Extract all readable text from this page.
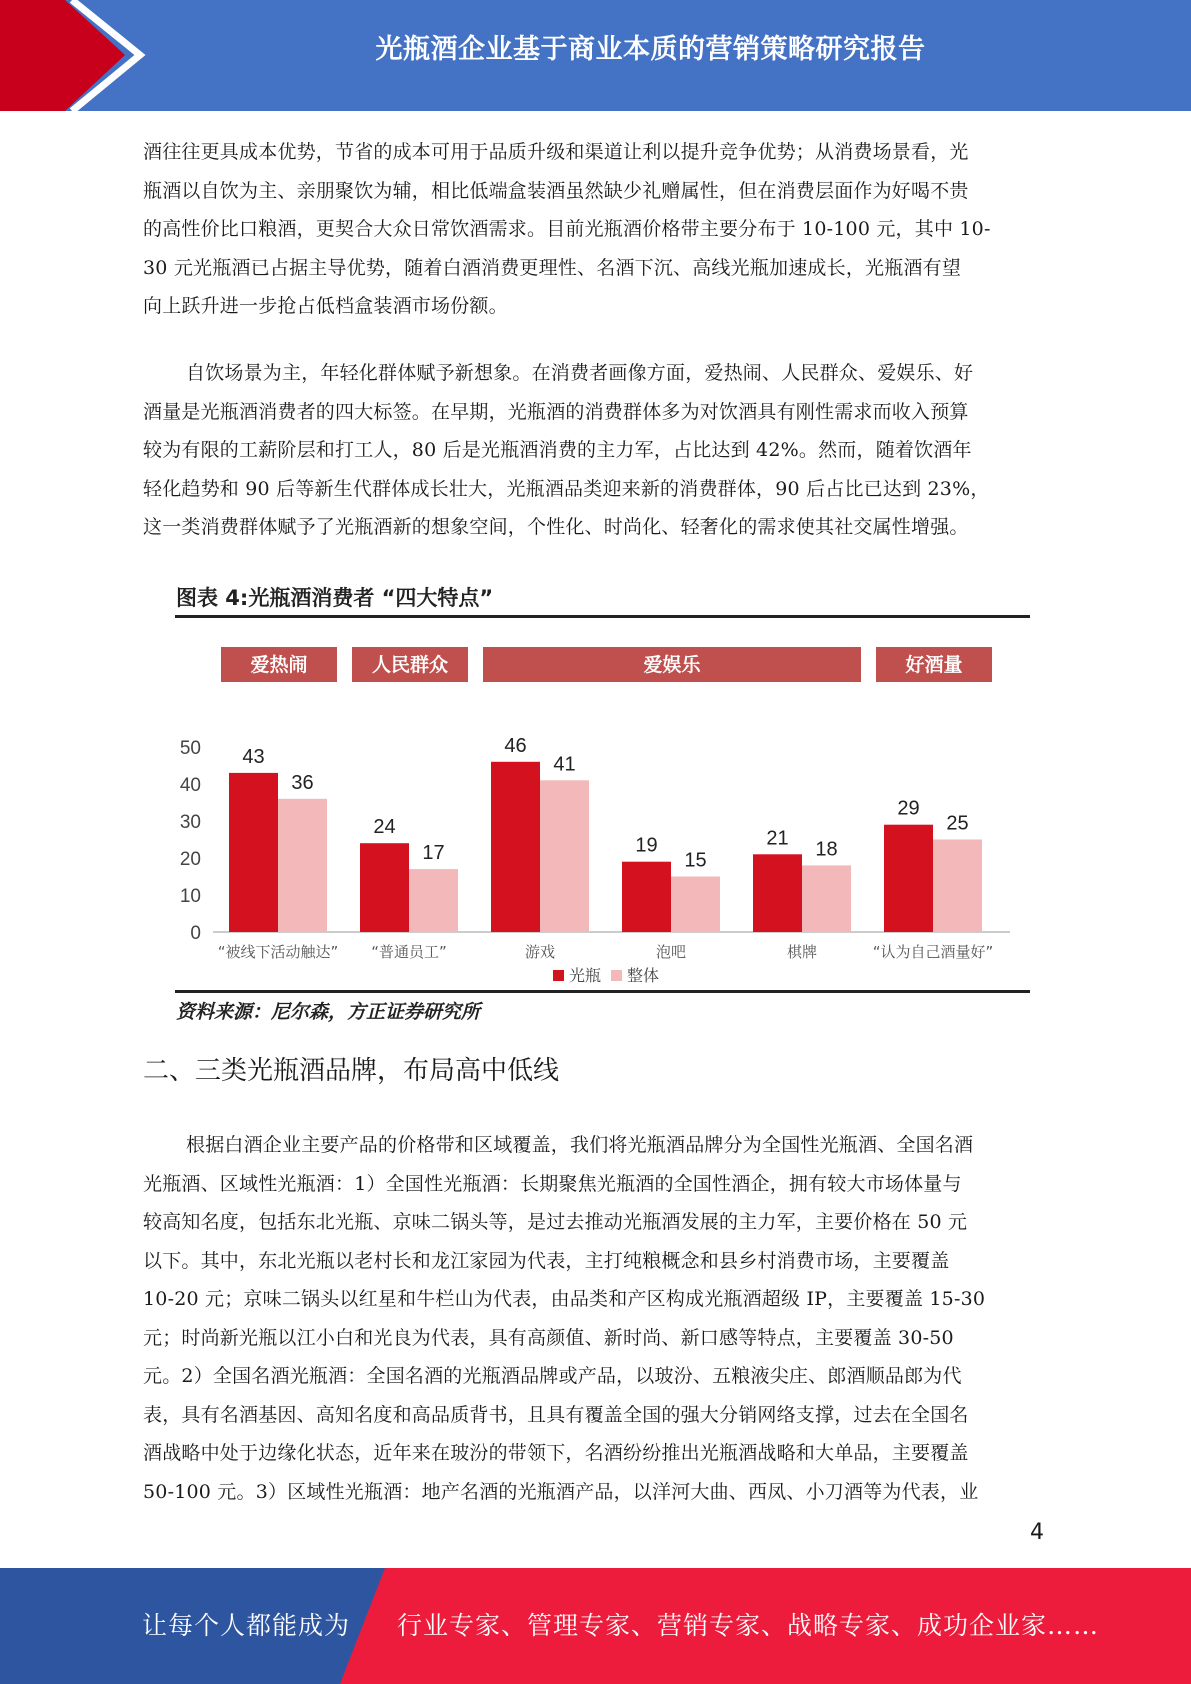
光瓶酒企业基于商业本质的营销策略研究报告

酒往往更具成本优势，节省的成本可用于品质升级和渠道让利以提升竞争优势；从消费场景看，光
瓶酒以自饮为主、亲朋聚饮为辅，相比低端盒装酒虽然缺少礼赠属性，但在消费层面作为好喝不贵
的高性价比口粮酒，更契合大众日常饮酒需求。目前光瓶酒价格带主要分布于 10-100 元，其中 10-
30 元光瓶酒已占据主导优势，随着白酒消费更理性、名酒下沉、高线光瓶加速成长，光瓶酒有望
向上跃升进一步抢占低档盒装酒市场份额。

自饮场景为主，年轻化群体赋予新想象。在消费者画像方面，爱热闹、人民群众、爱娱乐、好
酒量是光瓶酒消费者的四大标签。在早期，光瓶酒的消费群体多为对饮酒具有刚性需求而收入预算
较为有限的工薪阶层和打工人，80 后是光瓶酒消费的主力军，占比达到 42%。然而，随着饮酒年
轻化趋势和 90 后等新生代群体成长壮大，光瓶酒品类迎来新的消费群体，90 后占比已达到 23%，
这一类消费群体赋予了光瓶酒新的想象空间，个性化、时尚化、轻奢化的需求使其社交属性增强。

图表 4:光瓶酒消费者 “四大特点”
0
10
20
30
40
50 43
36
“被线下活动触达”
24
17
“普通员工”
46
41
游戏
19
15
泡吧
21
18
棋牌
29
25
“认为自己酒量好”
爱热闹	人民群众	爱娱乐	好酒量
光瓶 整体
资料来源：尼尔森，方正证券研究所
二、三类光瓶酒品牌，布局高中低线

根据白酒企业主要产品的价格带和区域覆盖，我们将光瓶酒品牌分为全国性光瓶酒、全国名酒
光瓶酒、区域性光瓶酒：1）全国性光瓶酒：长期聚焦光瓶酒的全国性酒企，拥有较大市场体量与
较高知名度，包括东北光瓶、京味二锅头等，是过去推动光瓶酒发展的主力军，主要价格在 50 元
以下。其中，东北光瓶以老村长和龙江家园为代表，主打纯粮概念和县乡村消费市场，主要覆盖
10-20 元；京味二锅头以红星和牛栏山为代表，由品类和产区构成光瓶酒超级 IP，主要覆盖 15-30
元；时尚新光瓶以江小白和光良为代表，具有高颜值、新时尚、新口感等特点，主要覆盖 30-50
元。2）全国名酒光瓶酒：全国名酒的光瓶酒品牌或产品，以玻汾、五粮液尖庄、郎酒顺品郎为代
表，具有名酒基因、高知名度和高品质背书，且具有覆盖全国的强大分销网络支撑，过去在全国名
酒战略中处于边缘化状态，近年来在玻汾的带领下，名酒纷纷推出光瓶酒战略和大单品，主要覆盖
50-100 元。3）区域性光瓶酒：地产名酒的光瓶酒产品，以洋河大曲、西凤、小刀酒等为代表，业

4
让每个人都能成为 行业专家、管理专家、营销专家、战略专家、成功企业家……
